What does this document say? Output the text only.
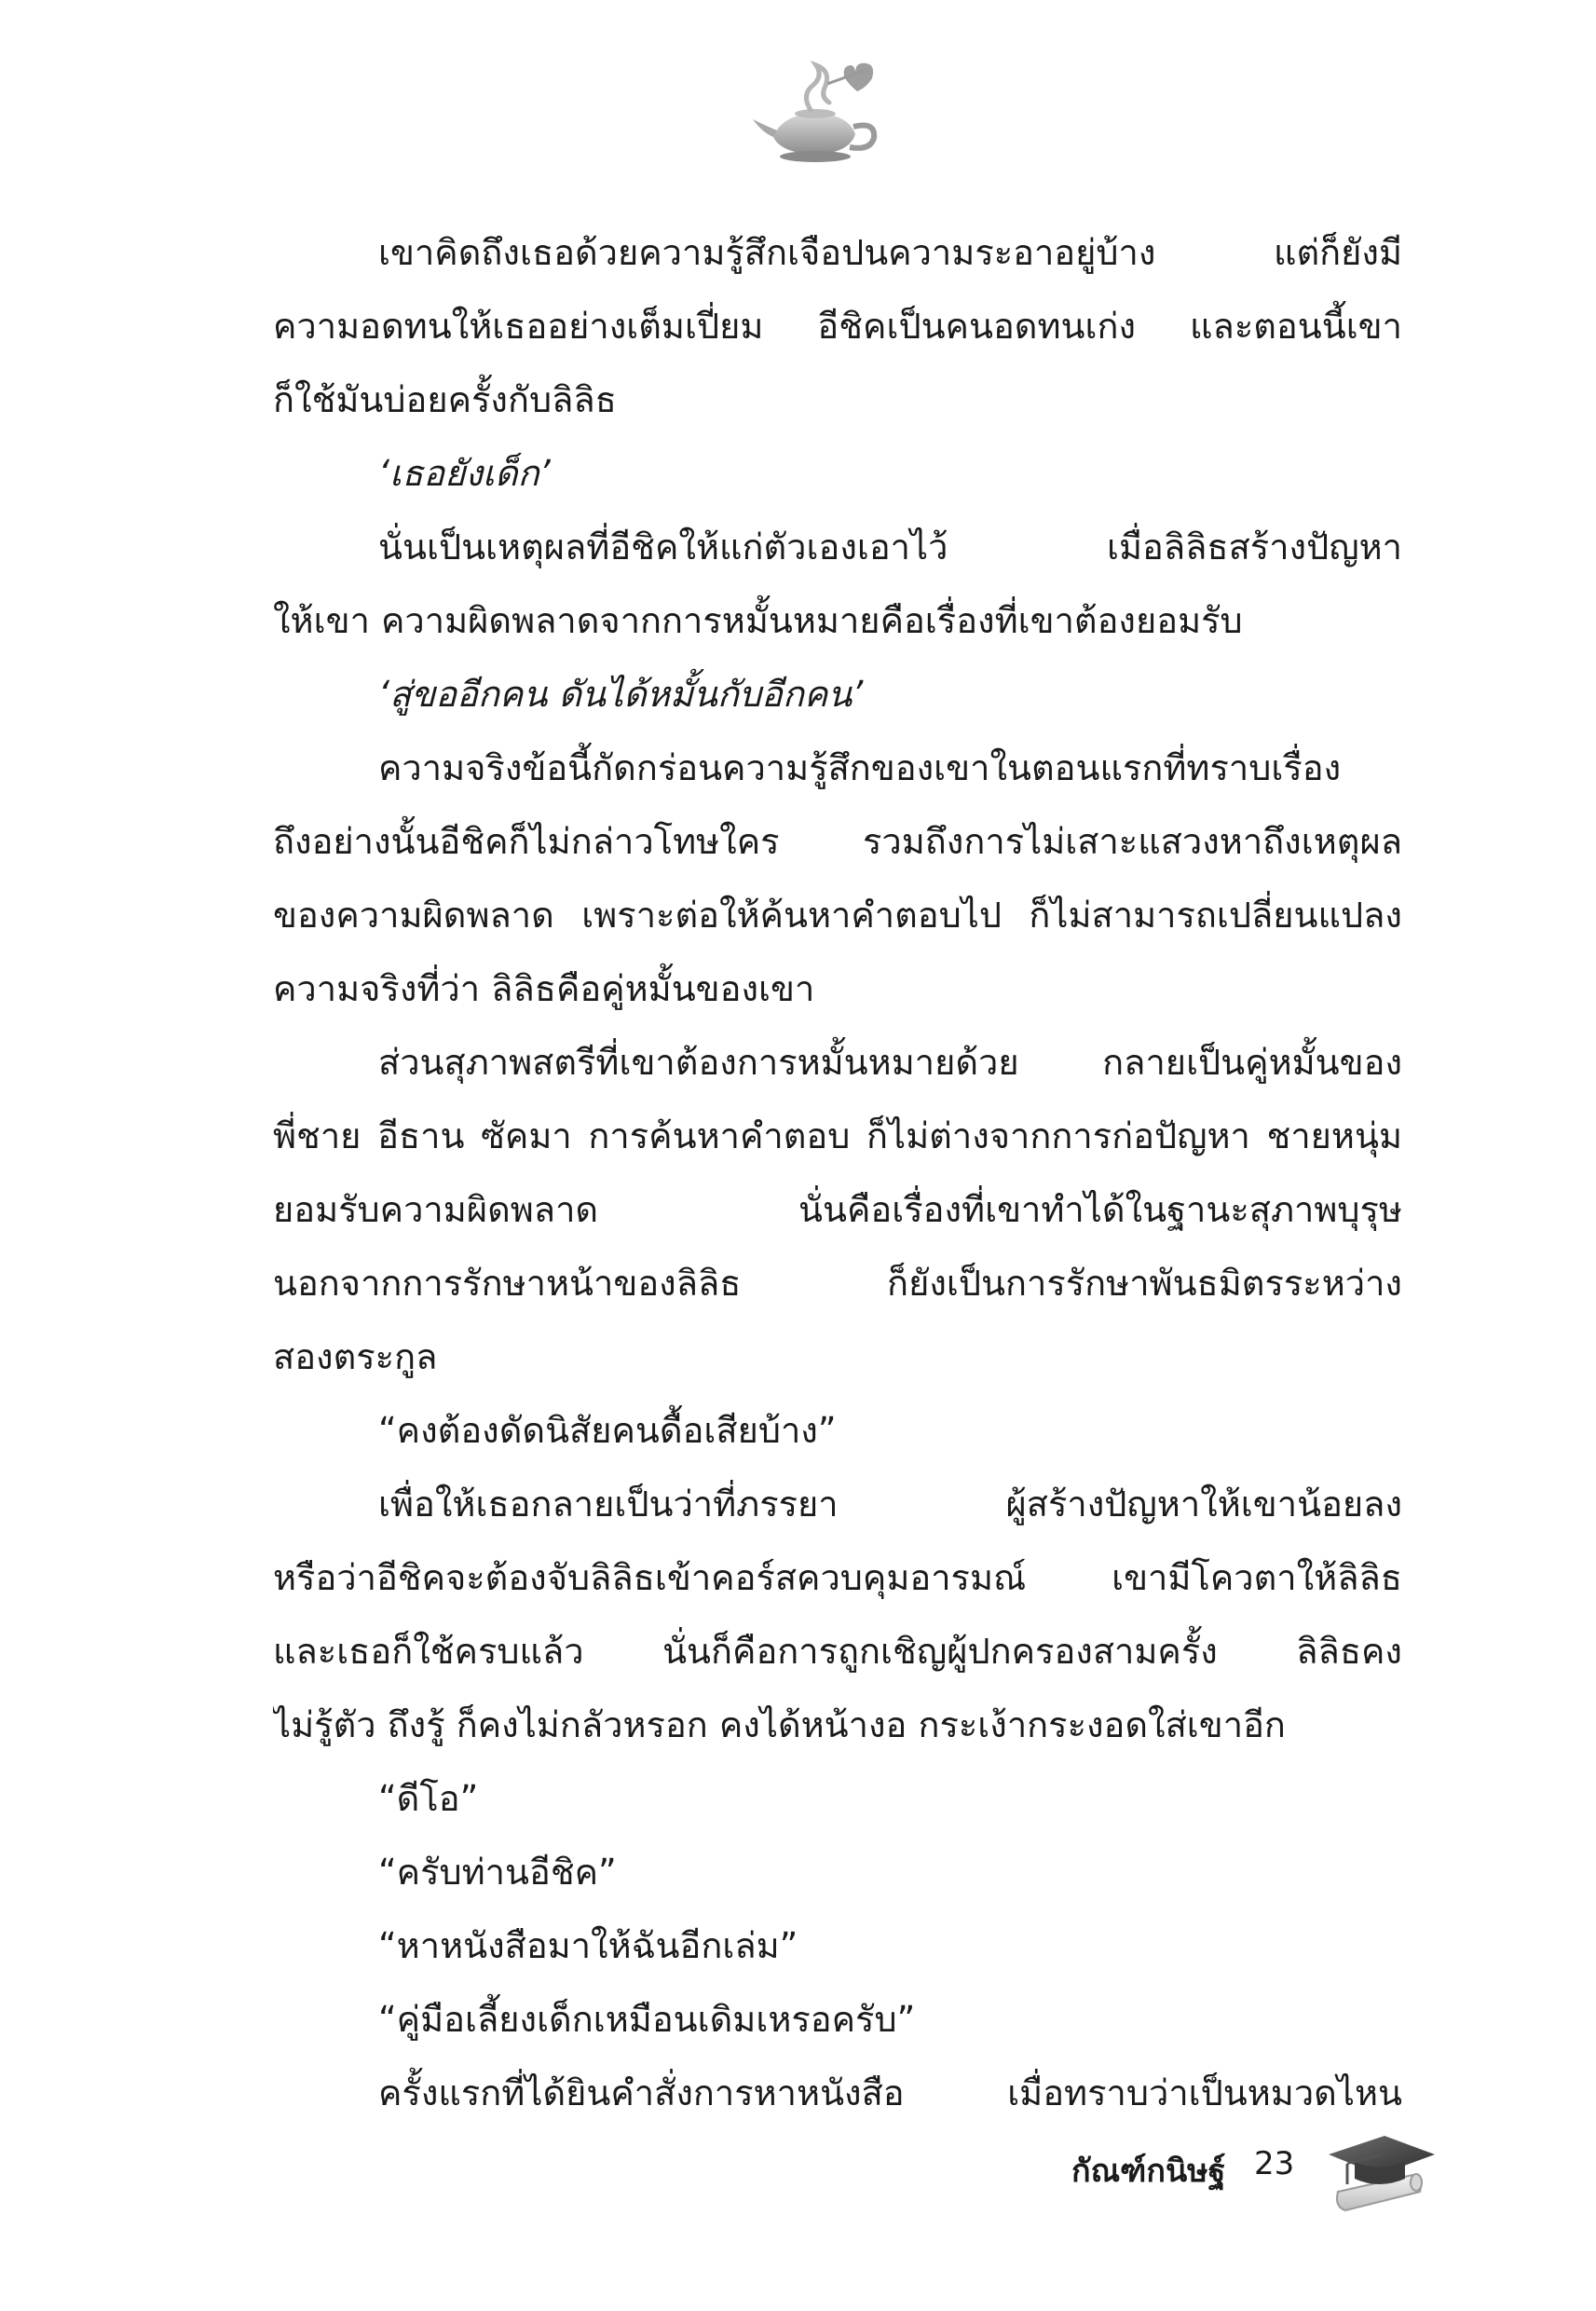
เขาคิดถึงเธอด้วยความรู้สึกเจือปนความระอาอยู่บ้าง แต่ก็ยังมี
ความอดทนให้เธออย่างเต็มเปี่ยม อีชิคเป็นคนอดทนเก่ง และตอนนี้เขา
ก็ใช้มันบ่อยครั้งกับลิลิธ
‘เธอยังเด็ก’
นั่นเป็นเหตุผลที่อีชิคให้แก่ตัวเองเอาไว้ เมื่อลิลิธสร้างปัญหา
ให้เขา ความผิดพลาดจากการหมั้นหมายคือเรื่องที่เขาต้องยอมรับ
‘สู่ขออีกคน ดันได้หมั้นกับอีกคน’
ความจริงข้อนี้กัดกร่อนความรู้สึกของเขาในตอนแรกที่ทราบเรื่อง
ถึงอย่างนั้นอีชิคก็ไม่กล่าวโทษใคร รวมถึงการไม่เสาะแสวงหาถึงเหตุผล
ของความผิดพลาด เพราะต่อให้ค้นหาคำตอบไป ก็ไม่สามารถเปลี่ยนแปลง
ความจริงที่ว่า ลิลิธคือคู่หมั้นของเขา
ส่วนสุภาพสตรีที่เขาต้องการหมั้นหมายด้วย กลายเป็นคู่หมั้นของ
พี่ชาย อีธาน ซัคมา การค้นหาคำตอบ ก็ไม่ต่างจากการก่อปัญหา ชายหนุ่ม
ยอมรับความผิดพลาด นั่นคือเรื่องที่เขาทำได้ในฐานะสุภาพบุรุษ
นอกจากการรักษาหน้าของลิลิธ ก็ยังเป็นการรักษาพันธมิตรระหว่าง
สองตระกูล
“คงต้องดัดนิสัยคนดื้อเสียบ้าง”
เพื่อให้เธอกลายเป็นว่าที่ภรรยา ผู้สร้างปัญหาให้เขาน้อยลง
หรือว่าอีชิคจะต้องจับลิลิธเข้าคอร์สควบคุมอารมณ์ เขามีโควตาให้ลิลิธ
และเธอก็ใช้ครบแล้ว นั่นก็คือการถูกเชิญผู้ปกครองสามครั้ง ลิลิธคง
ไม่รู้ตัว ถึงรู้ ก็คงไม่กลัวหรอก คงได้หน้างอ กระเง้ากระงอดใส่เขาอีก
“ดีโอ”
“ครับท่านอีชิค”
“หาหนังสือมาให้ฉันอีกเล่ม”
“คู่มือเลี้ยงเด็กเหมือนเดิมเหรอครับ”
ครั้งแรกที่ได้ยินคำสั่งการหาหนังสือ เมื่อทราบว่าเป็นหมวดไหน
กัณฑ์กนิษฐ์ 23
